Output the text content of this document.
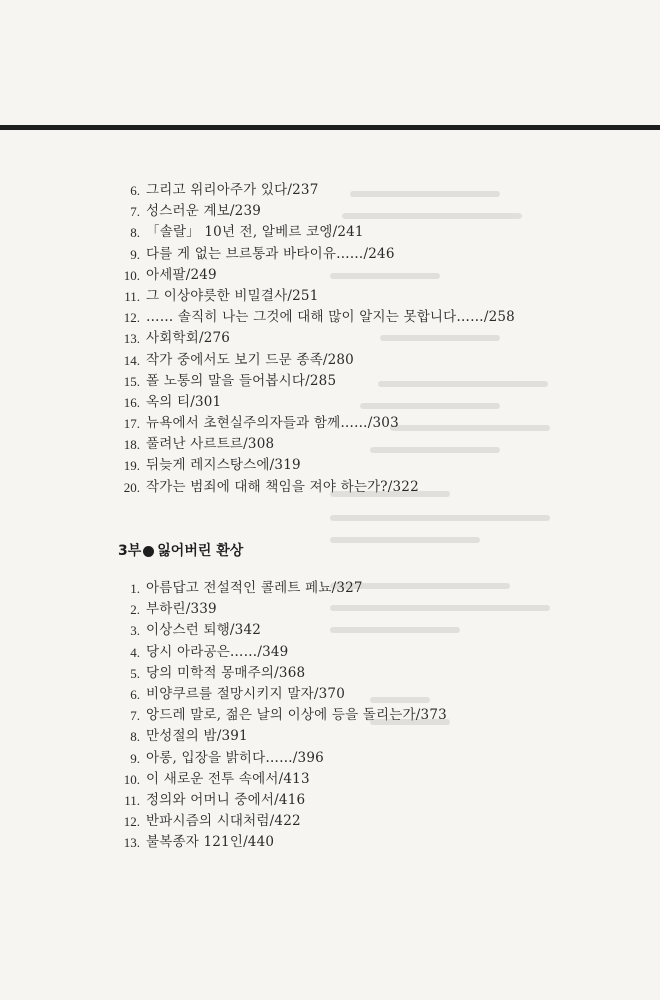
6. 그리고 위리아주가 있다/237
7. 성스러운 계보/239
8. 「솔랄」 10년 전, 알베르 코엥/241
9. 다를 게 없는 브르통과 바타이유……/246
10. 아세팔/249
11. 그 이상야릇한 비밀결사/251
12. …… 솔직히 나는 그것에 대해 많이 알지는 못합니다……/258
13. 사회학회/276
14. 작가 중에서도 보기 드문 종족/280
15. 폴 노통의 말을 들어봅시다/285
16. 옥의 티/301
17. 뉴욕에서 초현실주의자들과 함께……/303
18. 풀려난 사르트르/308
19. 뒤늦게 레지스탕스에/319
20. 작가는 범죄에 대해 책임을 져야 하는가?/322
3부 잃어버린 환상
1. 아름답고 전설적인 콜레트 페뇨/327
2. 부하린/339
3. 이상스런 퇴행/342
4. 당시 아라공은……/349
5. 당의 미학적 몽매주의/368
6. 비양쿠르를 절망시키지 말자/370
7. 앙드레 말로, 젊은 날의 이상에 등을 돌리는가/373
8. 만성절의 밤/391
9. 아롱, 입장을 밝히다……/396
10. 이 새로운 전투 속에서/413
11. 정의와 어머니 중에서/416
12. 반파시즘의 시대처럼/422
13. 불복종자 121인/440
